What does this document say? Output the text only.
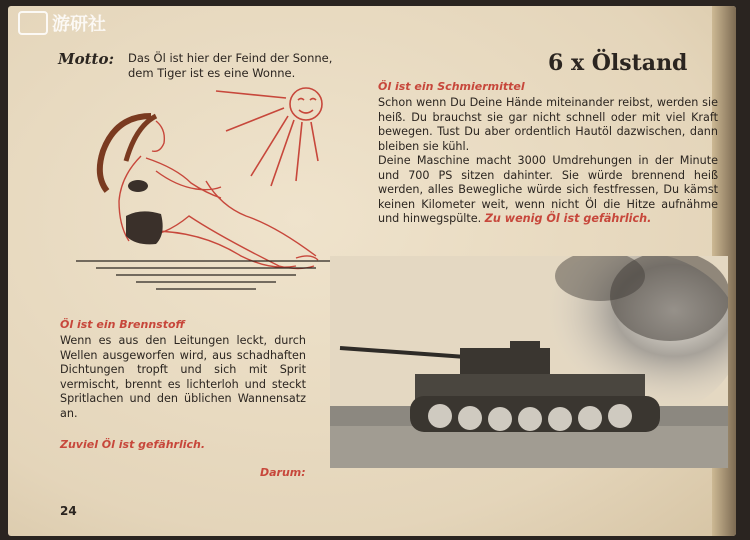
游研社
Motto: Das Öl ist hier der Feind der Sonne,
dem Tiger ist es eine Wonne.
Öl ist ein Brennstoff
Wenn es aus den Leitungen leckt, durch Wellen ausgeworfen wird, aus schadhaften Dichtungen tropft und sich mit Sprit vermischt, brennt es lichterloh und steckt Spritlachen und den üblichen Wannensatz an.
Zuviel Öl ist gefährlich.
Darum:
24
6 x Ölstand
Öl ist ein Schmiermittel
Schon wenn Du Deine Hände miteinander reibst, werden sie heiß. Du brauchst sie gar nicht schnell oder mit viel Kraft bewegen. Tust Du aber ordentlich Hautöl dazwischen, dann bleiben sie kühl.
Deine Maschine macht 3000 Umdrehungen in der Minute und 700 PS sitzen dahinter. Sie würde brennend heiß werden, alles Bewegliche würde sich festfressen, Du kämst keinen Kilometer weit, wenn nicht Öl die Hitze aufnähme und hinwegspülte. Zu wenig Öl ist gefährlich.
